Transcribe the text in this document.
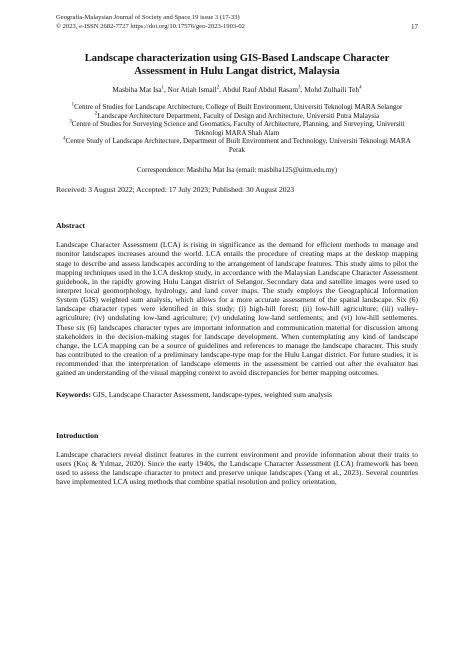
Geografia-Malaysian Journal of Society and Space 19 issue 3 (17-33)
© 2023, e-ISSN 2682-7727 https://doi.org/10.17576/geo-2023-1903-02	17
Landscape characterization using GIS-Based Landscape Character Assessment in Hulu Langat district, Malaysia

Masbiha Mat Isa$^1$, Nor Atiah Ismail$^2$, Abdul Rauf Abdul Rasam$^3$, Mohd Zulhaili Teh$^4$

$^1$Centre of Studies for Landscape Architecture, College of Built Environment, Universiti Teknologi MARA Selangor

$^2$Landscape Architecture Department, Faculty of Design and Architecture, Universiti Putra Malaysia

$^3$Centre of Studies for Surveying Science and Geomatics, Faculty of Architecture, Planning, and Surveying, Universiti Teknologi MARA Shah Alam

$^4$Centre Study of Landscape Architecture, Department of Built Environment and Technology, Universiti Teknologi MARA Perak

Correspondence: Masbiha Mat Isa (email: masbiha125@uitm.edu.my)

Received: 3 August 2022; Accepted: 17 July 2023; Published: 30 August 2023

Abstract

Landscape Character Assessment (LCA) is rising in significance as the demand for efficient methods to manage and monitor landscapes increases around the world. LCA entails the procedure of creating maps at the desktop mapping stage to describe and assess landscapes according to the arrangement of landscape features. This study aims to pilot the mapping techniques used in the LCA desktop study, in accordance with the Malaysian Landscape Character Assessment guidebook, in the rapidly growing Hulu Langat district of Selangor. Secondary data and satellite images were used to interpret local geomorphology, hydrology, and land cover maps. The study employs the Geographical Information System (GIS) weighted sum analysis, which allows for a more accurate assessment of the spatial landscape. Six (6) landscape character types were identified in this study; (i) high-hill forest; (ii) low-hill agriculture; (iii) valley-agriculture; (iv) undulating low-land agriculture; (v) undulating low-land settlements; and (vi) low-hill settlements. These six (6) landscapes character types are important information and communication material for discussion among stakeholders in the decision-making stages for landscape development. When contemplating any kind of landscape change, the LCA mapping can be a source of guidelines and references to manage the landscape character. This study has contributed to the creation of a preliminary landscape-type map for the Hulu Langat district. For future studies, it is recommended that the interpretation of landscape elements in the assessment be carried out after the evaluator has gained an understanding of the visual mapping context to avoid discrepancies for better mapping outcomes.

Keywords: GIS, Landscape Character Assessment, landscape-types, weighted sum analysis

Introduction

Landscape characters reveal distinct features in the current environment and provide information about their traits to users (Koç & Yılmaz, 2020). Since the early 1940s, the Landscape Character Assessment (LCA) framework has been used to assess the landscape character to protect and preserve unique landscapes (Yang et al., 2023). Several countries have implemented LCA using methods that combine spatial resolution and policy orientation,
